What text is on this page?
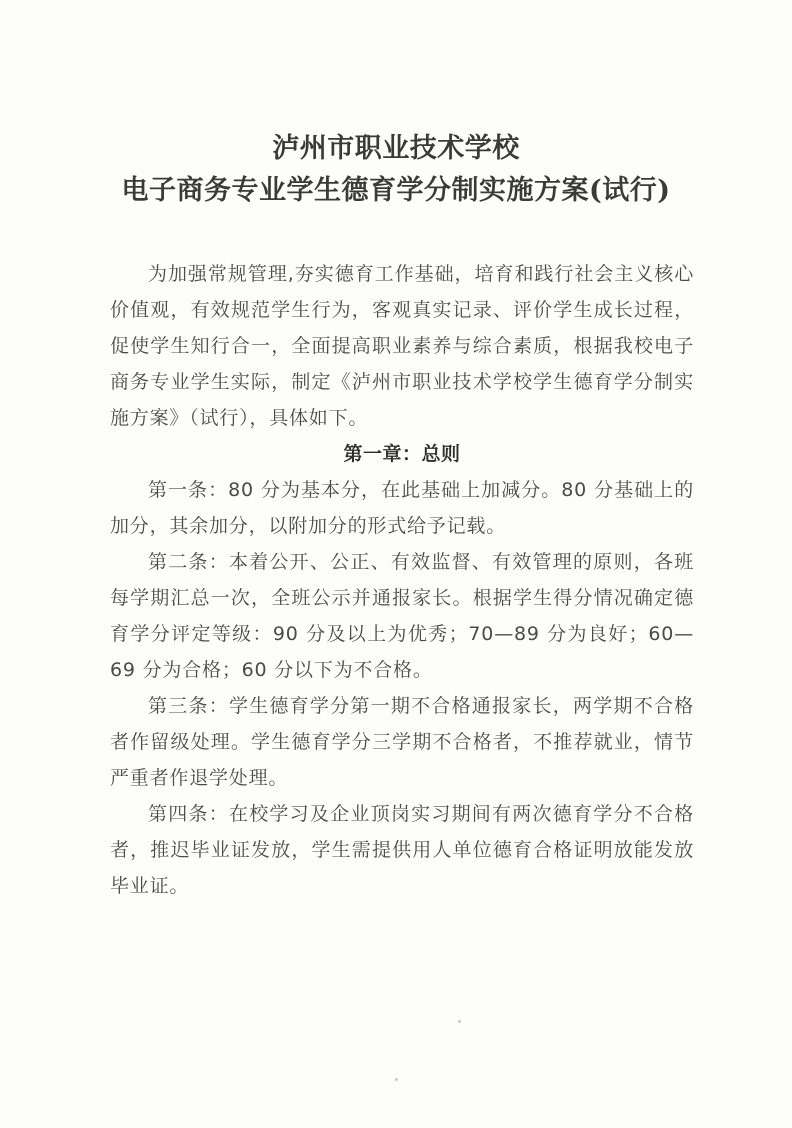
泸州市职业技术学校
电子商务专业学生德育学分制实施方案(试行)

为加强常规管理,夯实德育工作基础，培育和践行社会主义核心价值观，有效规范学生行为，客观真实记录、评价学生成长过程，促使学生知行合一，全面提高职业素养与综合素质，根据我校电子商务专业学生实际，制定《泸州市职业技术学校学生德育学分制实施方案》（试行），具体如下。

第一章：总则

第一条：80 分为基本分，在此基础上加减分。80 分基础上的加分，其余加分，以附加分的形式给予记载。

第二条：本着公开、公正、有效监督、有效管理的原则，各班每学期汇总一次，全班公示并通报家长。根据学生得分情况确定德育学分评定等级：90 分及以上为优秀；70—89 分为良好；60—69 分为合格；60 分以下为不合格。

第三条：学生德育学分第一期不合格通报家长，两学期不合格者作留级处理。学生德育学分三学期不合格者，不推荐就业，情节严重者作退学处理。

第四条：在校学习及企业顶岗实习期间有两次德育学分不合格者，推迟毕业证发放，学生需提供用人单位德育合格证明放能发放毕业证。
